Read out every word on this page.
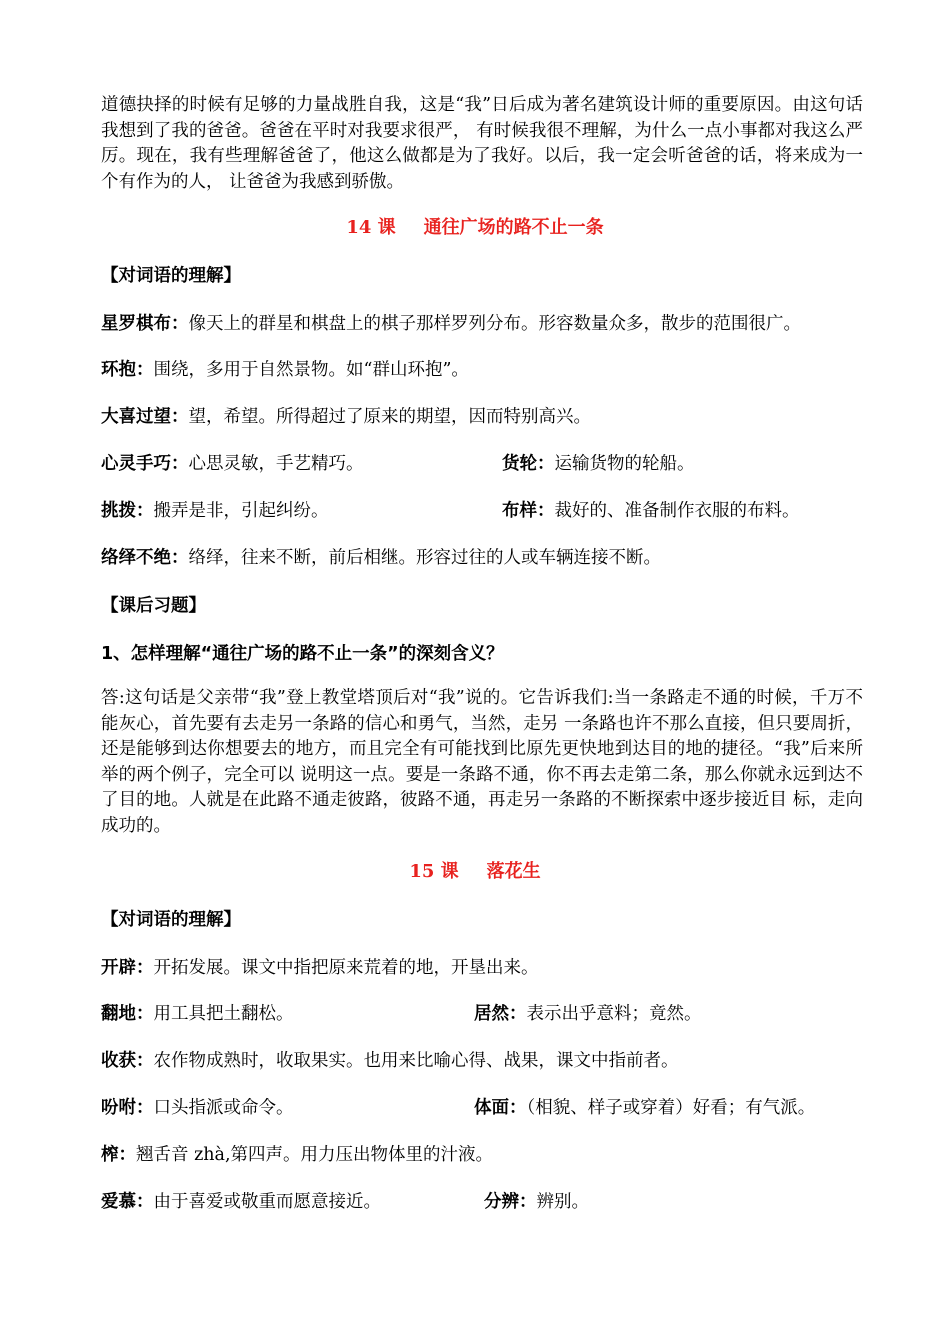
道德抉择的时候有足够的力量战胜自我，这是“我”日后成为著名建筑设计师的重要原因。由这句话我想到了我的爸爸。爸爸在平时对我要求很严， 有时候我很不理解，为什么一点小事都对我这么严厉。现在，我有些理解爸爸了，他这么做都是为了我好。以后，我一定会听爸爸的话，将来成为一个有作为的人， 让爸爸为我感到骄傲。

14 课 通往广场的路不止一条

【对词语的理解】

星罗棋布：像天上的群星和棋盘上的棋子那样罗列分布。形容数量众多，散步的范围很广。
环抱：围绕，多用于自然景物。如“群山环抱”。
大喜过望：望，希望。所得超过了原来的期望，因而特别高兴。
心灵手巧：心思灵敏，手艺精巧。	货轮：运输货物的轮船。
挑拨：搬弄是非，引起纠纷。	布样：裁好的、准备制作衣服的布料。
络绎不绝：络绎，往来不断，前后相继。形容过往的人或车辆连接不断。

【课后习题】

1、怎样理解“通往广场的路不止一条”的深刻含义？

答:这句话是父亲带“我”登上教堂塔顶后对“我”说的。它告诉我们:当一条路走不通的时候，千万不能灰心，首先要有去走另一条路的信心和勇气，当然，走另 一条路也许不那么直接，但只要周折，还是能够到达你想要去的地方，而且完全有可能找到比原先更快地到达目的地的捷径。“我”后来所举的两个例子，完全可以 说明这一点。要是一条路不通，你不再去走第二条，那么你就永远到达不了目的地。人就是在此路不通走彼路，彼路不通，再走另一条路的不断探索中逐步接近目 标，走向成功的。

15 课 落花生

【对词语的理解】

开辟：开拓发展。课文中指把原来荒着的地，开垦出来。
翻地：用工具把土翻松。	居然：表示出乎意料；竟然。
收获：农作物成熟时，收取果实。也用来比喻心得、战果，课文中指前者。
吩咐：口头指派或命令。	体面：（相貌、样子或穿着）好看；有气派。
榨：翘舌音 zhà,第四声。用力压出物体里的汁液。
爱慕：由于喜爱或敬重而愿意接近。	分辨：辨别。
